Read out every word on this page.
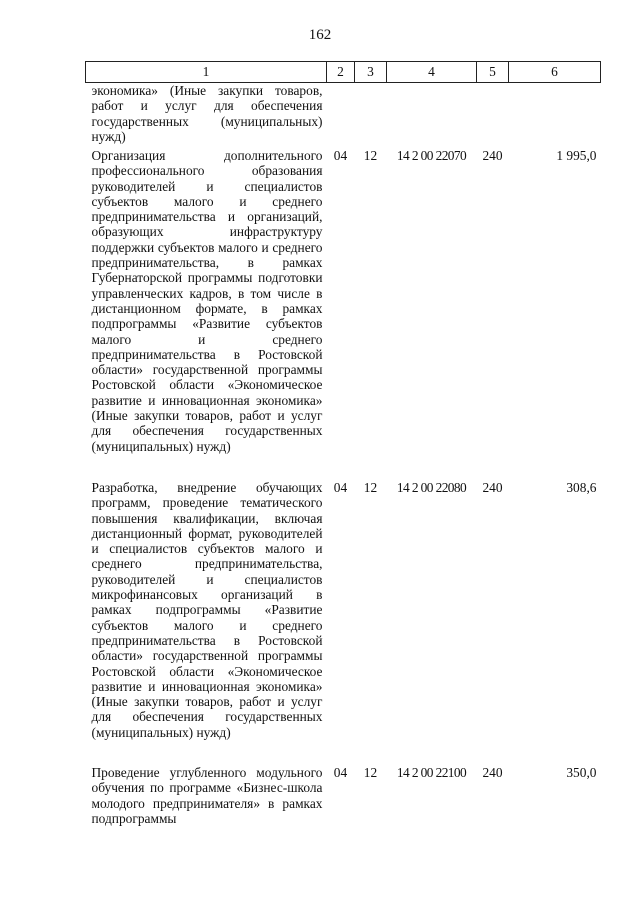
162
1	2	3	4	5	6
экономика» (Иные закупки товаров, работ и услуг для обеспечения государственных (муниципальных) нужд)					
Организация дополнительного профессионального образования руководителей и специалистов субъектов малого и среднего предпринимательства и организаций, образующих инфраструктуру поддержки субъектов малого и среднего предпринимательства, в рамках Губернаторской программы подготовки управленческих кадров, в том числе в дистанционном формате, в рамках подпрограммы «Развитие субъектов малого и среднего предпринимательства в Ростовской области» государственной программы Ростовской области «Экономическое развитие и инновационная экономика» (Иные закупки товаров, работ и услуг для обеспечения государственных (муниципальных) нужд)	04	12	14 2 00 22070	240	1 995,0
Разработка, внедрение обучающих программ, проведение тематического повышения квалификации, включая дистанционный формат, руководителей и специалистов субъектов малого и среднего предпринимательства, руководителей и специалистов микрофинансовых организаций в рамках подпрограммы «Развитие субъектов малого и среднего предпринимательства в Ростовской области» государственной программы Ростовской области «Экономическое развитие и инновационная экономика» (Иные закупки товаров, работ и услуг для обеспечения государственных (муниципальных) нужд)	04	12	14 2 00 22080	240	308,6
Проведение углубленного модульного обучения по программе «Бизнес-школа молодого предпринимателя» в рамках подпрограммы	04	12	14 2 00 22100	240	350,0
